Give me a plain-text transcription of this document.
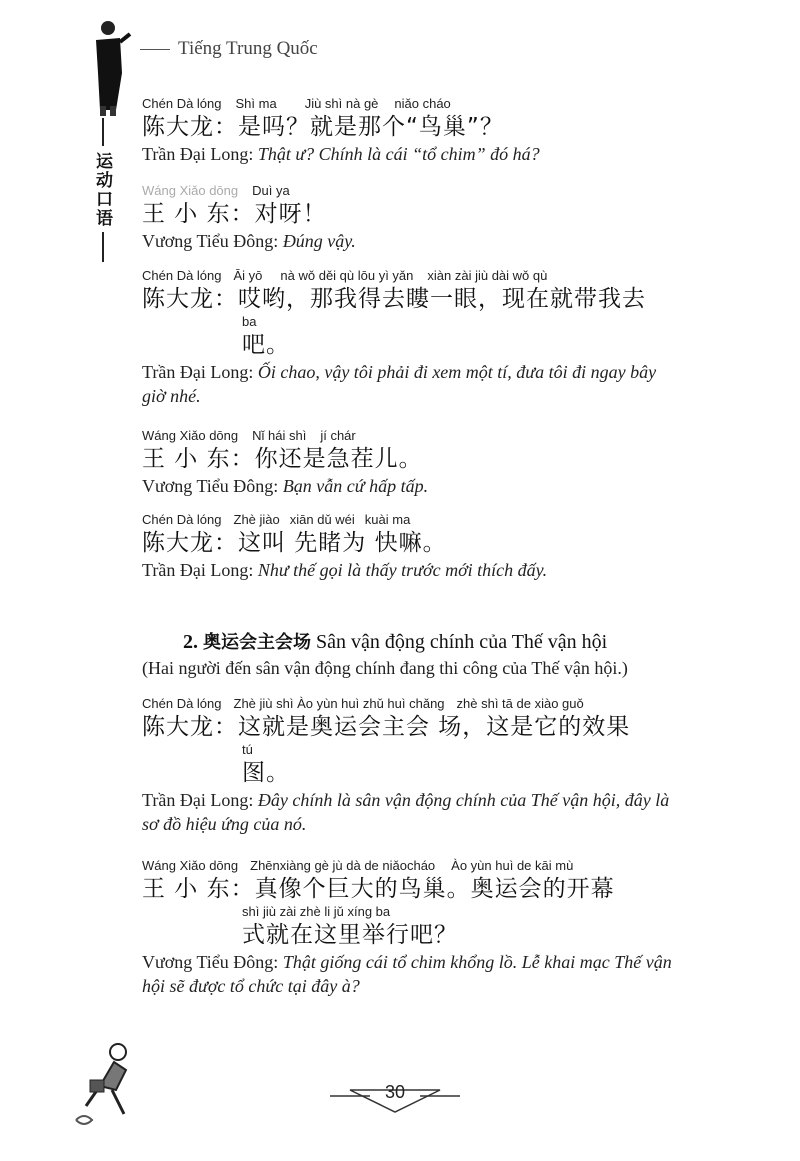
Tiếng Trung Quốc
运动口语
Chén Dà lóng Shì ma Jiù shì nà gè niǎo cháo
陈大龙：是吗？就是那个“鸟巢”？
Trần Đại Long: Thật ư? Chính là cái “tổ chim” đó há?
Wáng Xiǎo dōng Duì ya
王 小 东：对呀！
Vương Tiểu Đông: Đúng vậy.
Chén Dà lóng Āi yō nà wǒ děi qù lōu yì yǎn xiàn zài jiù dài wǒ qù
陈大龙：哎哟，那我得去瞜一眼，现在就带我去
ba
吧。
Trần Đại Long: Ối chao, vậy tôi phải đi xem một tí, đưa tôi đi ngay bây giờ nhé.
Wáng Xiǎo dōng Nǐ hái shì jí chár
王 小 东：你还是急茬儿。
Vương Tiểu Đông: Bạn vẫn cứ hấp tấp.
Chén Dà lóng Zhè jiào xiān dǔ wéi kuài ma
陈大龙：这叫 先睹为 快嘛。
Trần Đại Long: Như thế gọi là thấy trước mới thích đấy.
2. 奥运会主会场 Sân vận động chính của Thế vận hội
(Hai người đến sân vận động chính đang thi công của Thế vận hội.)
Chén Dà lóng Zhè jiù shì Ào yùn huì zhǔ huì chǎng zhè shì tā de xiào guǒ
陈大龙：这就是奥运会主会 场，这是它的效果
tú
图。
Trần Đại Long: Đây chính là sân vận động chính của Thế vận hội, đây là sơ đồ hiệu ứng của nó.
Wáng Xiǎo dōng Zhēnxiàng gè jù dà de niǎocháo Ào yùn huì de kāi mù
王 小 东：真像个巨大的鸟巢。奥运会的开幕
shì jiù zài zhè li jǔ xíng ba
式就在这里举行吧？
Vương Tiểu Đông: Thật giống cái tổ chim khổng lồ. Lễ khai mạc Thế vận hội sẽ được tổ chức tại đây à?
30
